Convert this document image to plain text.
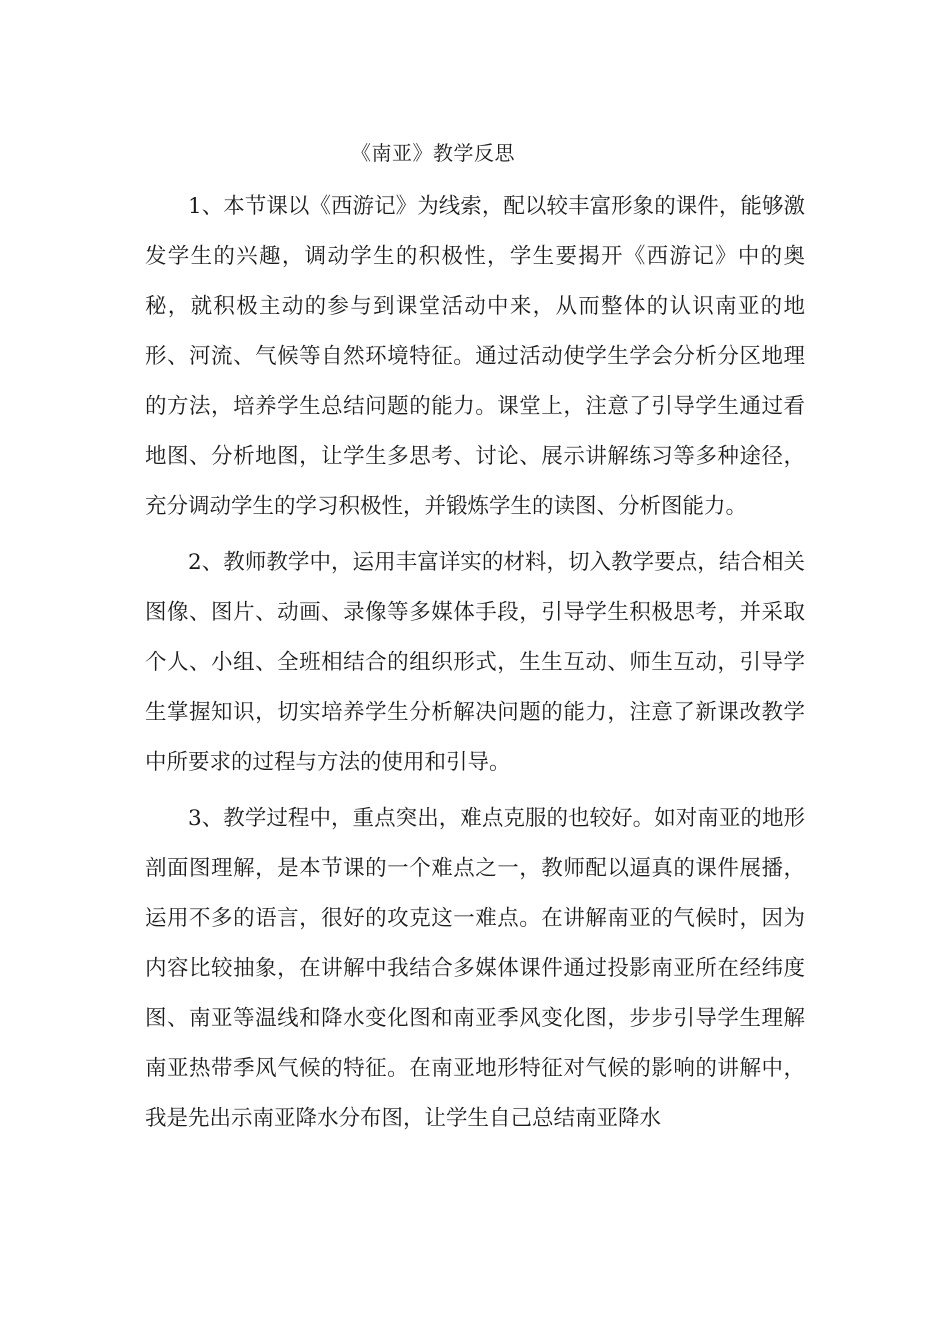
《南亚》教学反思

1、本节课以《西游记》为线索，配以较丰富形象的课件，能够激发学生的兴趣，调动学生的积极性，学生要揭开《西游记》中的奥秘，就积极主动的参与到课堂活动中来，从而整体的认识南亚的地形、河流、气候等自然环境特征。通过活动使学生学会分析分区地理的方法，培养学生总结问题的能力。课堂上，注意了引导学生通过看地图、分析地图，让学生多思考、讨论、展示讲解练习等多种途径，充分调动学生的学习积极性，并锻炼学生的读图、分析图能力。

2、教师教学中，运用丰富详实的材料，切入教学要点，结合相关图像、图片、动画、录像等多媒体手段，引导学生积极思考，并采取个人、小组、全班相结合的组织形式，生生互动、师生互动，引导学生掌握知识，切实培养学生分析解决问题的能力，注意了新课改教学中所要求的过程与方法的使用和引导。

3、教学过程中，重点突出，难点克服的也较好。如对南亚的地形剖面图理解，是本节课的一个难点之一，教师配以逼真的课件展播，运用不多的语言，很好的攻克这一难点。在讲解南亚的气候时，因为内容比较抽象，在讲解中我结合多媒体课件通过投影南亚所在经纬度图、南亚等温线和降水变化图和南亚季风变化图，步步引导学生理解南亚热带季风气候的特征。在南亚地形特征对气候的影响的讲解中，我是先出示南亚降水分布图，让学生自己总结南亚降水
